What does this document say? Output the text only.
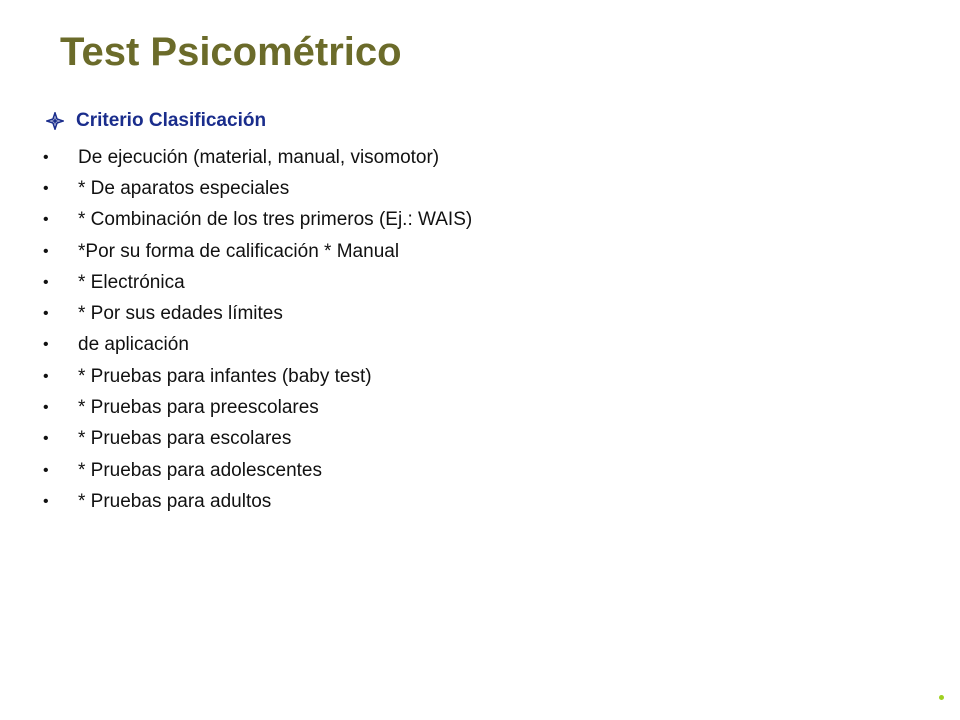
Test Psicométrico
Criterio Clasificación
•	De ejecución (material, manual, visomotor)
•	* De aparatos especiales
•	* Combinación de los tres primeros (Ej.: WAIS)
•	*Por su forma de calificación * Manual
•	* Electrónica
•	* Por sus edades límites
•	de aplicación
•	* Pruebas para infantes (baby test)
•	* Pruebas para preescolares
•	* Pruebas para escolares
•	* Pruebas para adolescentes
•	* Pruebas para adultos
